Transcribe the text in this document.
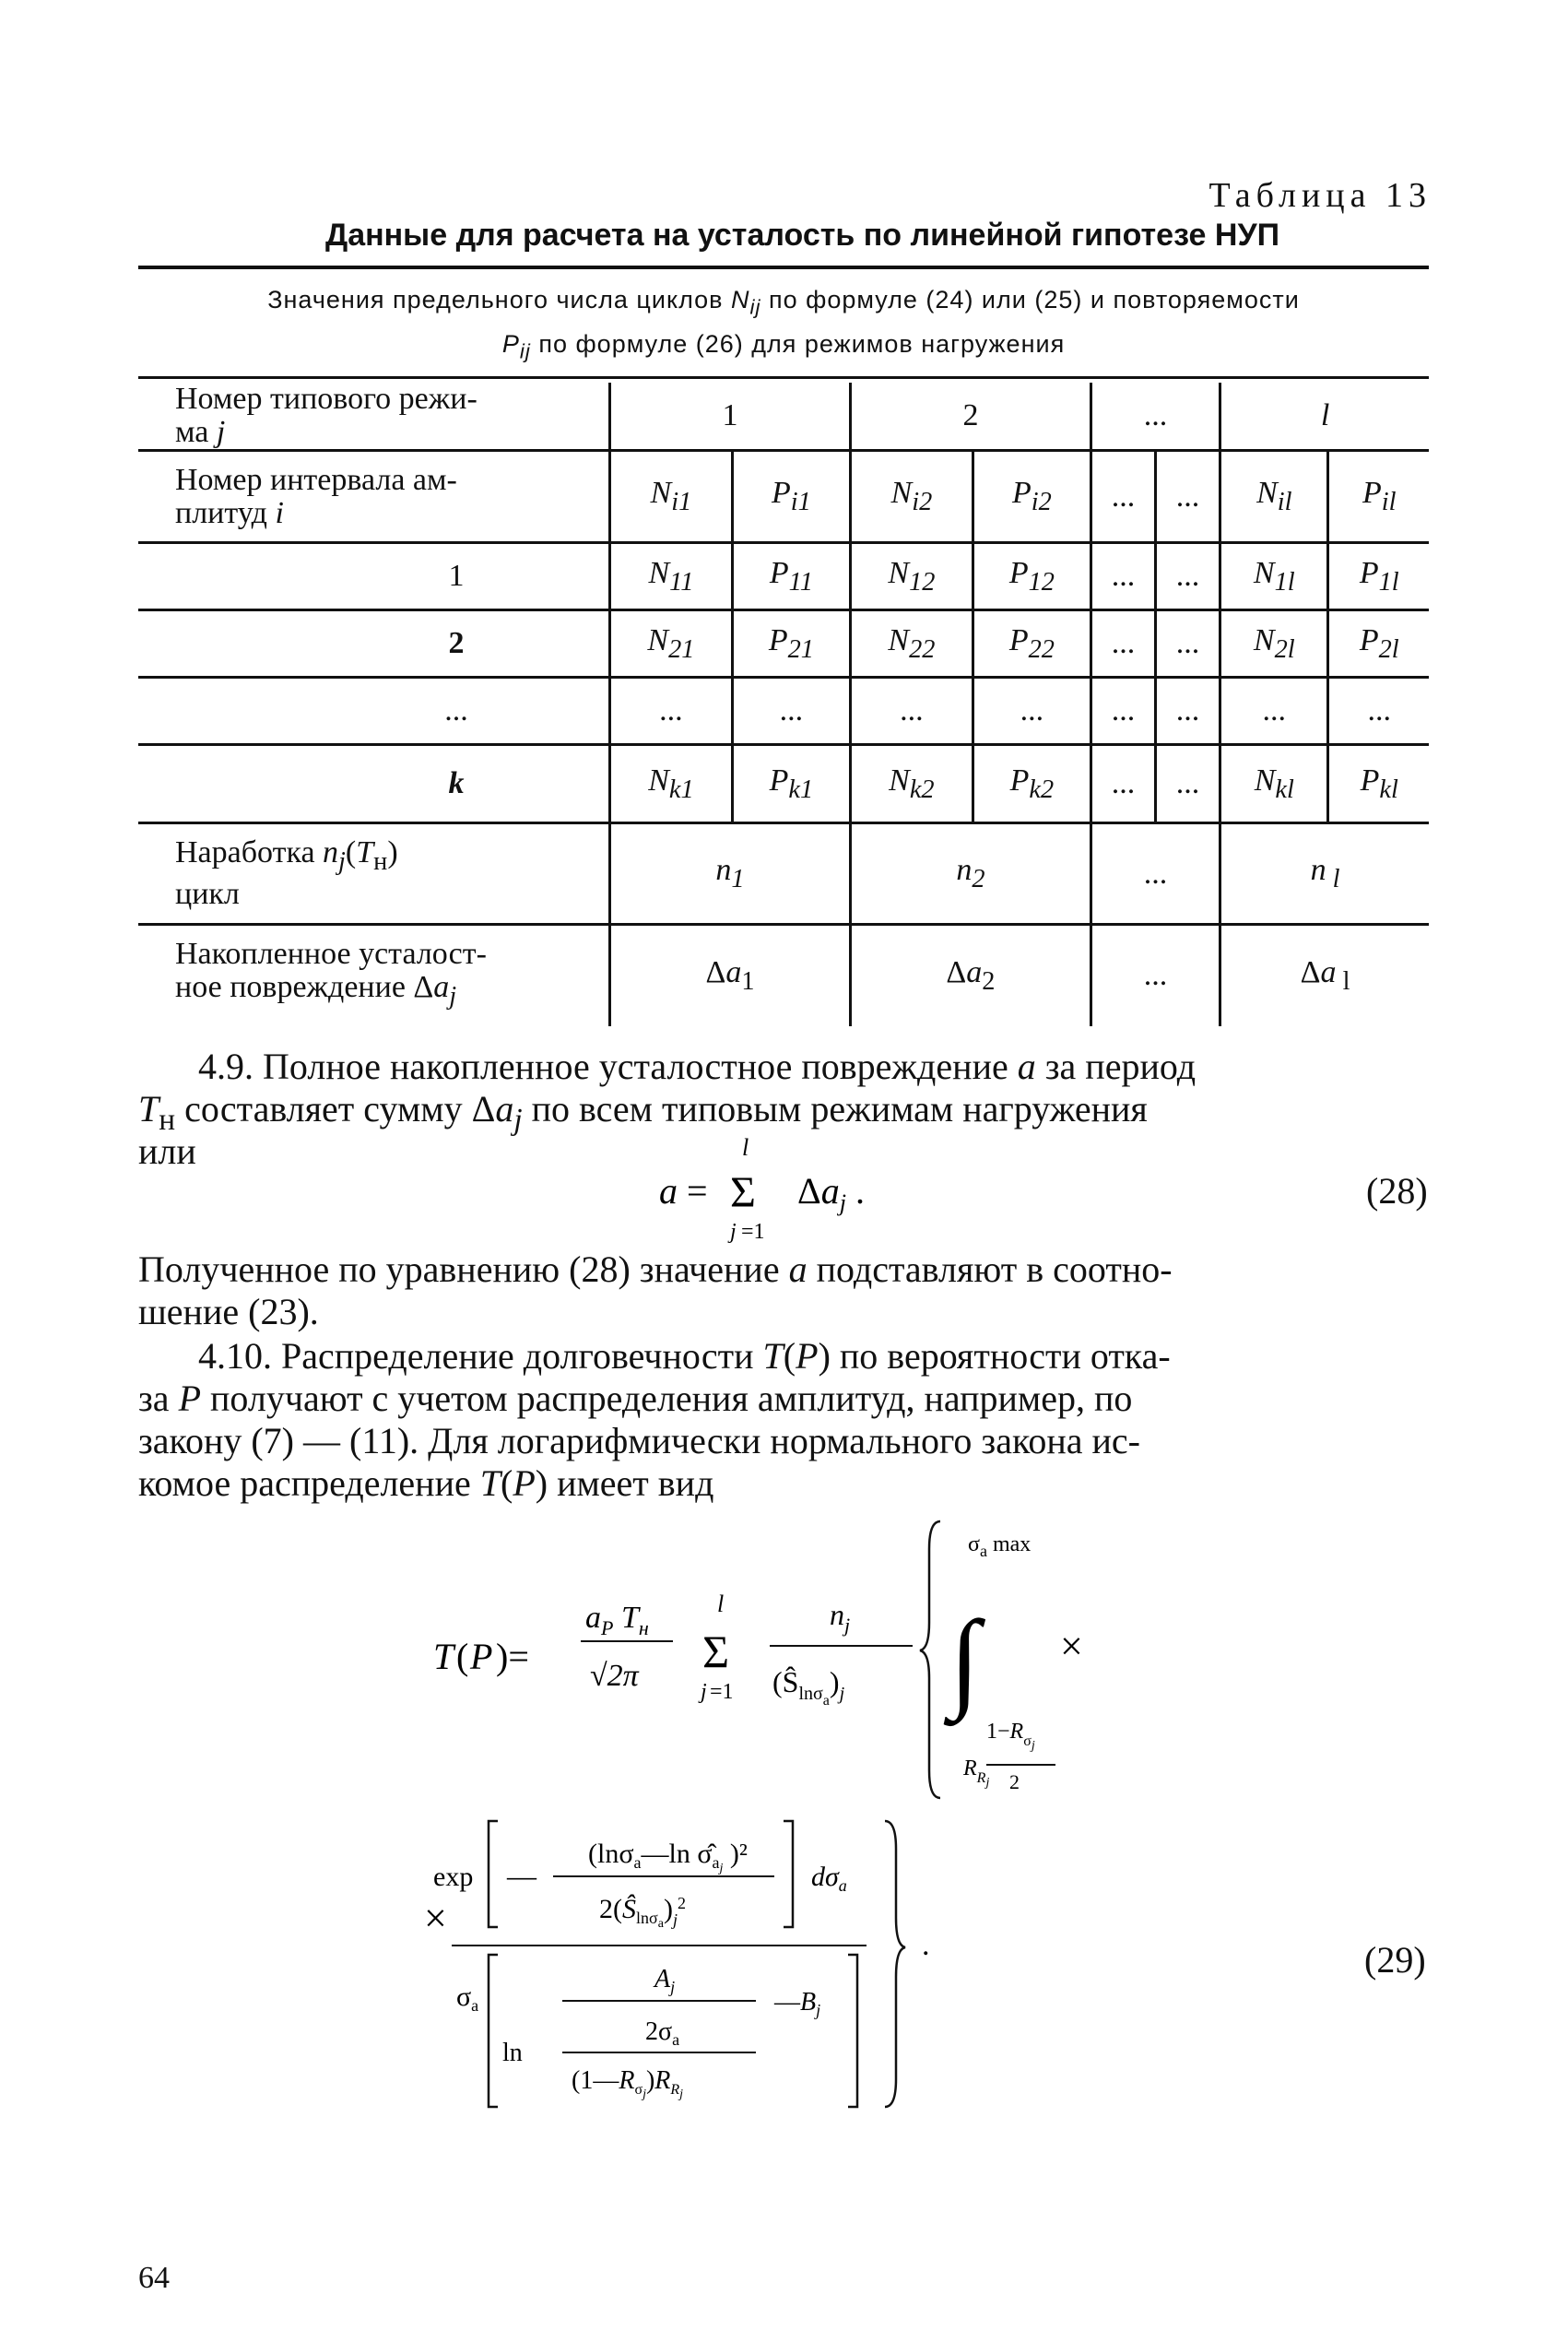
Таблица 13
Данные для расчета на усталость по линейной гипотезе НУП
Значения предельного числа циклов $N_{ij}$ по формуле (24) или (25) и повторяемости
$P_{ij}$ по формуле (26) для режимов нагружения
Номер типового режи-
ма j	1		2		...		l	
Номер интервала ам-
плитуд i	$N_{i1}$	$P_{i1}$	$N_{i2}$	$P_{i2}$	...	...	$N_{il}$	$P_{il}$
1	$N_{11}$	$P_{11}$	$N_{12}$	$P_{12}$	...	...	$N_{1l}$	$P_{1l}$
2	$N_{21}$	$P_{21}$	$N_{22}$	$P_{22}$	...	...	$N_{2l}$	$P_{2l}$
...	...	...	...	...	...	...	...	...
k	$N_{k1}$	$P_{k1}$	$N_{k2}$	$P_{k2}$	...	...	$N_{kl}$	$P_{kl}$
Наработка $n_j(T_н)$
цикл	$n_1$		$n_2$		...		n $_l$
Накопленное усталост-
ное повреждение $\Delta a_j$	$\Delta a_1$		$\Delta a_2$		...		Δa $_l$
4.9. Полное накопленное усталостное повреждение a за период
$T_н$ составляет сумму $\Delta a_j$ по всем типовым режимам нагружения
или
a =
l
Σ
j =1
$\Delta a_j$ .	(28)
Полученное по уравнению (28) значение a подставляют в соотно-
шение (23).
4.10. Распределение долговечности T(P) по вероятности отка-
за P получают с учетом распределения амплитуд, например, по
закону (7) — (11). Для логарифмически нормального закона ис-
комое распределение T(P) имеет вид
T ( P )=
$a_P$ $T_н$
√2π
l
Σ
j =1
$n_j$
$(Ŝ_{ln\sigma}a)_j$
$\sigma_a$ max
∫
$1-R_\sigma j$
$R_Rj$ 2
×
×
exp —
(lnσ$_a$—ln $\sigmâ_aj$ )²
$2(Ŝ_{ln\sigma}a)_j^2$
$d\sigma_a$
$\sigma_a$
$A_j$
$—B_j$
$2\sigma_a$
ln
$(1—R_\sigma j)R_Rj$
.	(29)
64
